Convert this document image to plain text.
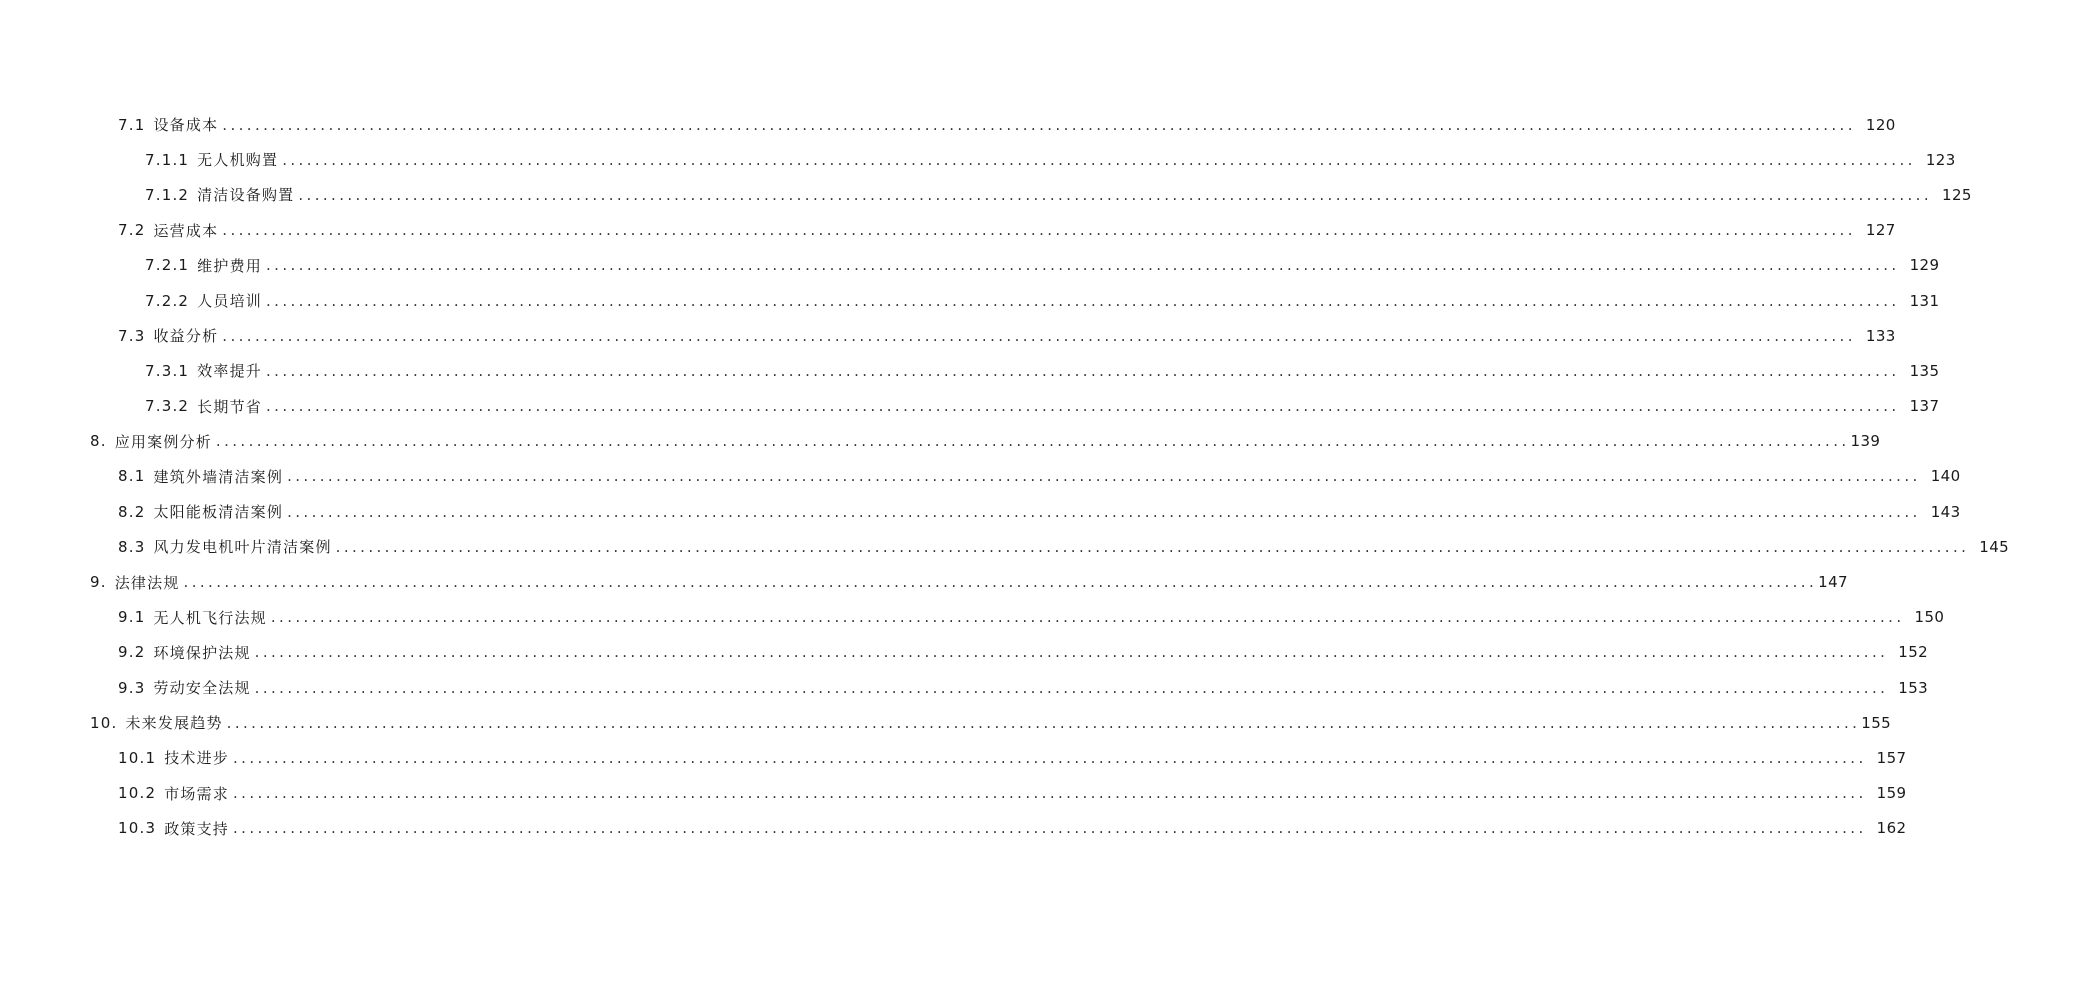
7.1 设备成本 ........................................................................................................................................................................................................ 120
7.1.1 无人机购置 ........................................................................................................................................................................................................ 123
7.1.2 清洁设备购置 ........................................................................................................................................................................................................ 125
7.2 运营成本 ........................................................................................................................................................................................................ 127
7.2.1 维护费用 ........................................................................................................................................................................................................ 129
7.2.2 人员培训 ........................................................................................................................................................................................................ 131
7.3 收益分析 ........................................................................................................................................................................................................ 133
7.3.1 效率提升 ........................................................................................................................................................................................................ 135
7.3.2 长期节省 ........................................................................................................................................................................................................ 137
8. 应用案例分析 ........................................................................................................................................................................................................ 139
8.1 建筑外墙清洁案例 ........................................................................................................................................................................................................ 140
8.2 太阳能板清洁案例 ........................................................................................................................................................................................................ 143
8.3 风力发电机叶片清洁案例 ........................................................................................................................................................................................................ 145
9. 法律法规 ........................................................................................................................................................................................................ 147
9.1 无人机飞行法规 ........................................................................................................................................................................................................ 150
9.2 环境保护法规 ........................................................................................................................................................................................................ 152
9.3 劳动安全法规 ........................................................................................................................................................................................................ 153
10. 未来发展趋势 ........................................................................................................................................................................................................ 155
10.1 技术进步 ........................................................................................................................................................................................................ 157
10.2 市场需求 ........................................................................................................................................................................................................ 159
10.3 政策支持 ........................................................................................................................................................................................................ 162
